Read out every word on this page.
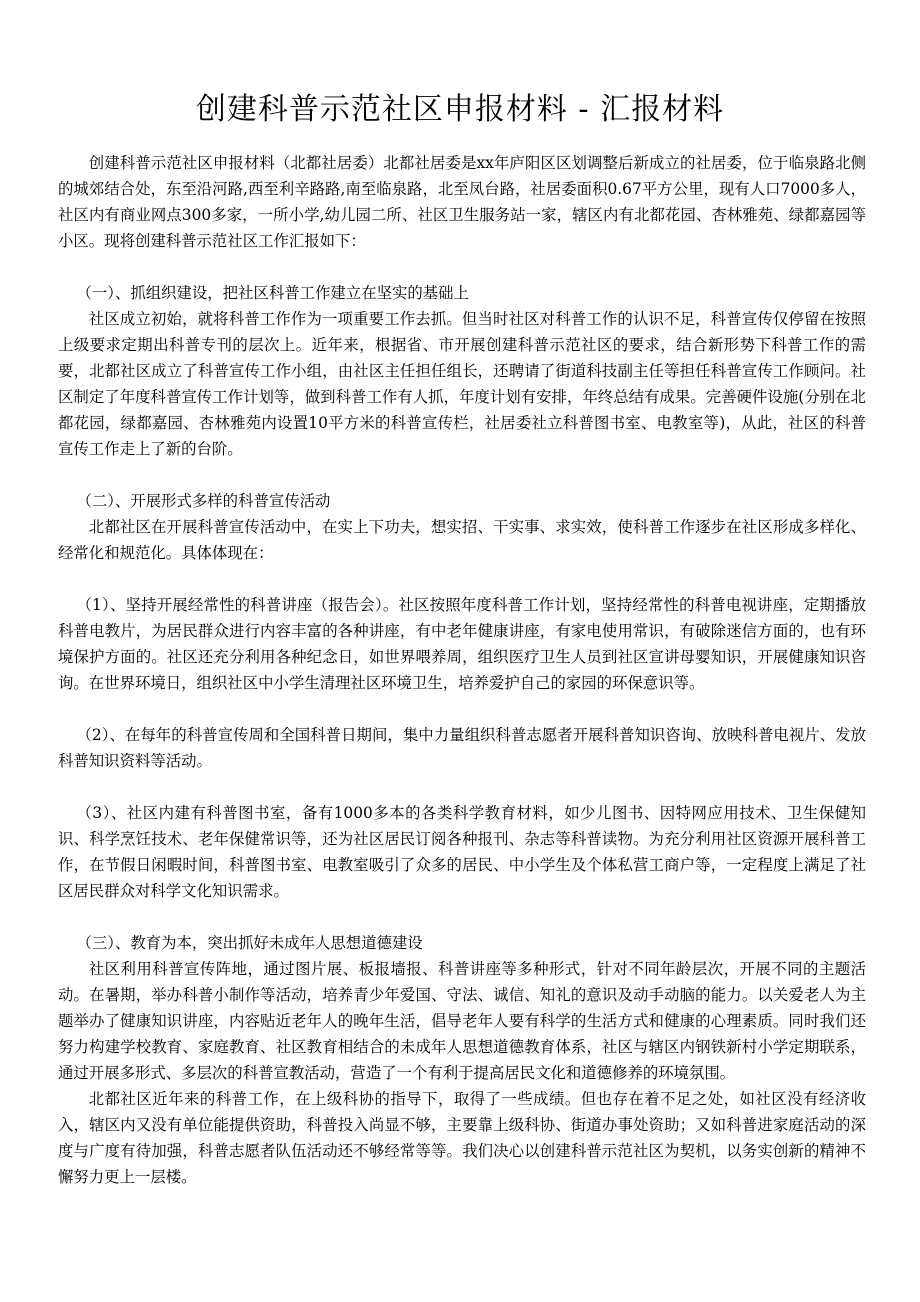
创建科普示范社区申报材料 - 汇报材料

创建科普示范社区申报材料（北都社居委）北都社居委是xx年庐阳区区划调整后新成立的社居委，位于临泉路北侧的城郊结合处，东至沿河路,西至利辛路路,南至临泉路，北至凤台路，社居委面积0.67平方公里，现有人口7000多人，社区内有商业网点300多家，一所小学,幼儿园二所、社区卫生服务站一家，辖区内有北都花园、杏林雅苑、绿都嘉园等小区。现将创建科普示范社区工作汇报如下：

（一）、抓组织建设，把社区科普工作建立在坚实的基础上

社区成立初始，就将科普工作作为一项重要工作去抓。但当时社区对科普工作的认识不足，科普宣传仅停留在按照上级要求定期出科普专刊的层次上。近年来，根据省、市开展创建科普示范社区的要求，结合新形势下科普工作的需要，北都社区成立了科普宣传工作小组，由社区主任担任组长，还聘请了街道科技副主任等担任科普宣传工作顾问。社区制定了年度科普宣传工作计划等，做到科普工作有人抓，年度计划有安排，年终总结有成果。完善硬件设施(分别在北都花园，绿都嘉园、杏林雅苑内设置10平方米的科普宣传栏，社居委社立科普图书室、电教室等)，从此，社区的科普宣传工作走上了新的台阶。

（二）、开展形式多样的科普宣传活动

北都社区在开展科普宣传活动中，在实上下功夫，想实招、干实事、求实效，使科普工作逐步在社区形成多样化、经常化和规范化。具体体现在：

（1）、坚持开展经常性的科普讲座（报告会）。社区按照年度科普工作计划，坚持经常性的科普电视讲座，定期播放科普电教片，为居民群众进行内容丰富的各种讲座，有中老年健康讲座，有家电使用常识，有破除迷信方面的，也有环境保护方面的。社区还充分利用各种纪念日，如世界喂养周，组织医疗卫生人员到社区宣讲母婴知识，开展健康知识咨询。在世界环境日，组织社区中小学生清理社区环境卫生，培养爱护自己的家园的环保意识等。

（2）、在每年的科普宣传周和全国科普日期间，集中力量组织科普志愿者开展科普知识咨询、放映科普电视片、发放科普知识资料等活动。

（3）、社区内建有科普图书室，备有1000多本的各类科学教育材料，如少儿图书、因特网应用技术、卫生保健知识、科学烹饪技术、老年保健常识等，还为社区居民订阅各种报刊、杂志等科普读物。为充分利用社区资源开展科普工作，在节假日闲暇时间，科普图书室、电教室吸引了众多的居民、中小学生及个体私营工商户等，一定程度上满足了社区居民群众对科学文化知识需求。

（三）、教育为本，突出抓好未成年人思想道德建设

社区利用科普宣传阵地，通过图片展、板报墙报、科普讲座等多种形式，针对不同年龄层次，开展不同的主题活动。在暑期，举办科普小制作等活动，培养青少年爱国、守法、诚信、知礼的意识及动手动脑的能力。以关爱老人为主题举办了健康知识讲座，内容贴近老年人的晚年生活，倡导老年人要有科学的生活方式和健康的心理素质。同时我们还努力构建学校教育、家庭教育、社区教育相结合的未成年人思想道德教育体系，社区与辖区内钢铁新村小学定期联系，通过开展多形式、多层次的科普宣教活动，营造了一个有利于提高居民文化和道德修养的环境氛围。

北都社区近年来的科普工作，在上级科协的指导下，取得了一些成绩。但也存在着不足之处，如社区没有经济收入，辖区内又没有单位能提供资助，科普投入尚显不够，主要靠上级科协、街道办事处资助；又如科普进家庭活动的深度与广度有待加强，科普志愿者队伍活动还不够经常等等。我们决心以创建科普示范社区为契机，以务实创新的精神不懈努力更上一层楼。
